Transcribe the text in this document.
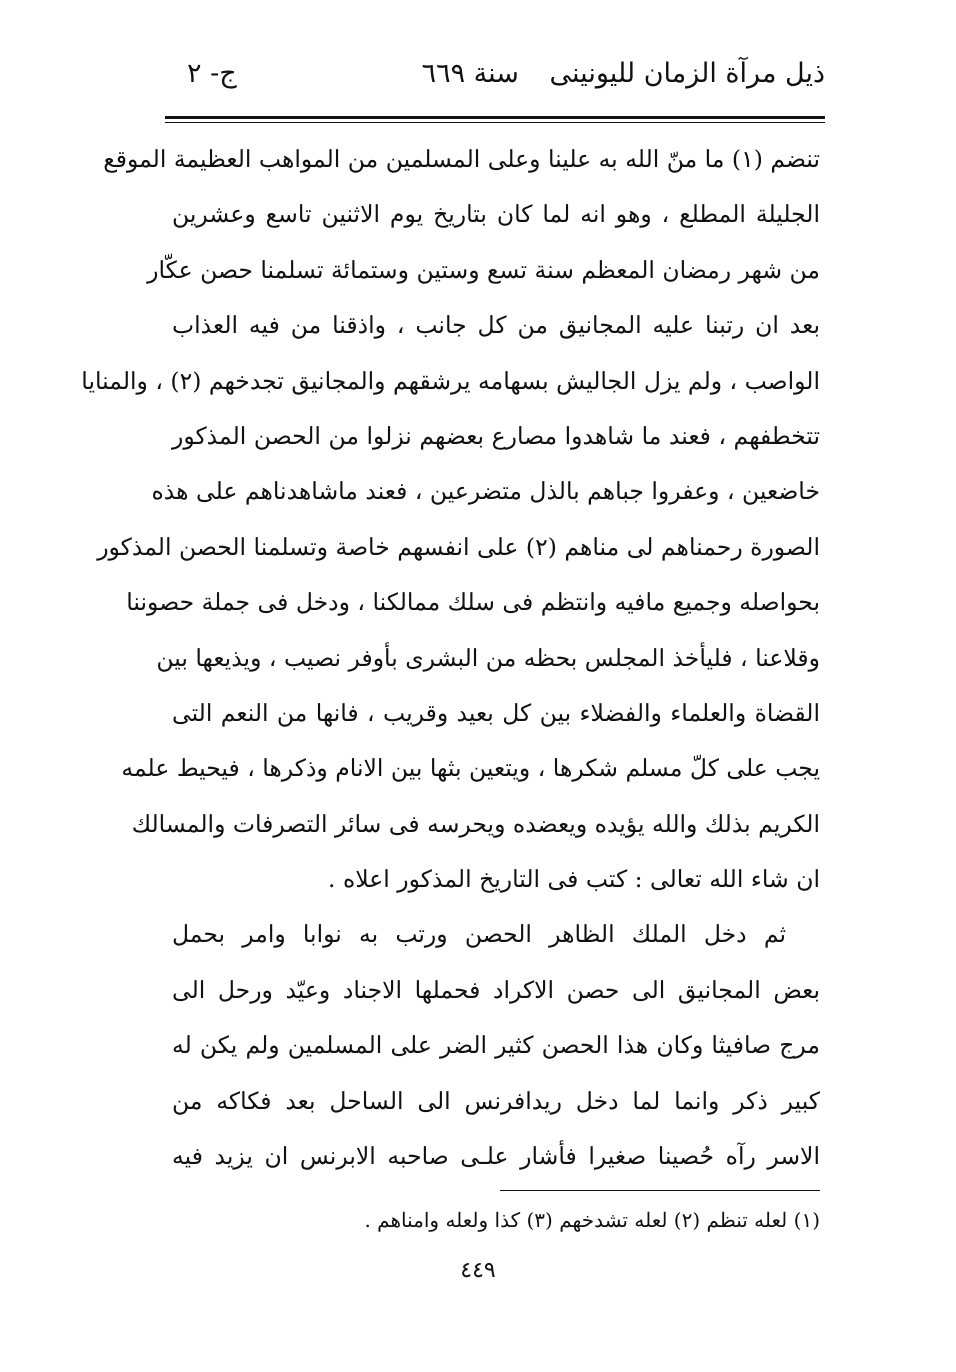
ذيل مرآة الزمان لليونينى سنة ٦٦٩
ج- ٢
تنضم (١) ما منّ الله به علينا وعلى المسلمين من المواهب العظيمة الموقع
الجليلة المطلع ، وهو انه لما كان بتاريخ يوم الاثنين تاسع وعشرين
من شهر رمضان المعظم سنة تسع وستين وستمائة تسلمنا حصن عكّار
بعد ان رتبنا عليه المجانيق من كل جانب ، واذقنا من فيه العذاب
الواصب ، ولم يزل الجاليش بسهامه يرشقهم والمجانيق تجدخهم (٢) ، والمنايا
تتخطفهم ، فعند ما شاهدوا مصارع بعضهم نزلوا من الحصن المذكور
خاضعين ، وعفروا جباهم بالذل متضرعين ، فعند ماشاهدناهم على هذه
الصورة رحمناهم لى مناهم (٢) على انفسهم خاصة وتسلمنا الحصن المذكور
بحواصله وجميع مافيه وانتظم فى سلك ممالكنا ، ودخل فى جملة حصوننا
وقلاعنا ، فليأخذ المجلس بحظه من البشرى بأوفر نصيب ، ويذيعها بين
القضاة والعلماء والفضلاء بين كل بعيد وقريب ، فانها من النعم التى
يجب على كلّ مسلم شكرها ، ويتعين بثها بين الانام وذكرها ، فيحيط علمه
الكريم بذلك والله يؤيده ويعضده ويحرسه فى سائر التصرفات والمسالك
ان شاء الله تعالى : كتب فى التاريخ المذكور اعلاه .
ثم دخل الملك الظاهر الحصن ورتب به نوابا وامر بحمل
بعض المجانيق الى حصن الاكراد فحملها الاجناد وعيّد ورحل الى
مرج صافيثا وكان هذا الحصن كثير الضر على المسلمين ولم يكن له
كبير ذكر وانما لما دخل ريدافرنس الى الساحل بعد فكاكه من
الاسر رآه حُصينا صغيرا فأشار علـى صاحبه الابرنس ان يزيد فيه
(١) لعله تنظم (٢) لعله تشدخهم (٣) كذا ولعله وامناهم .
٤٤٩
